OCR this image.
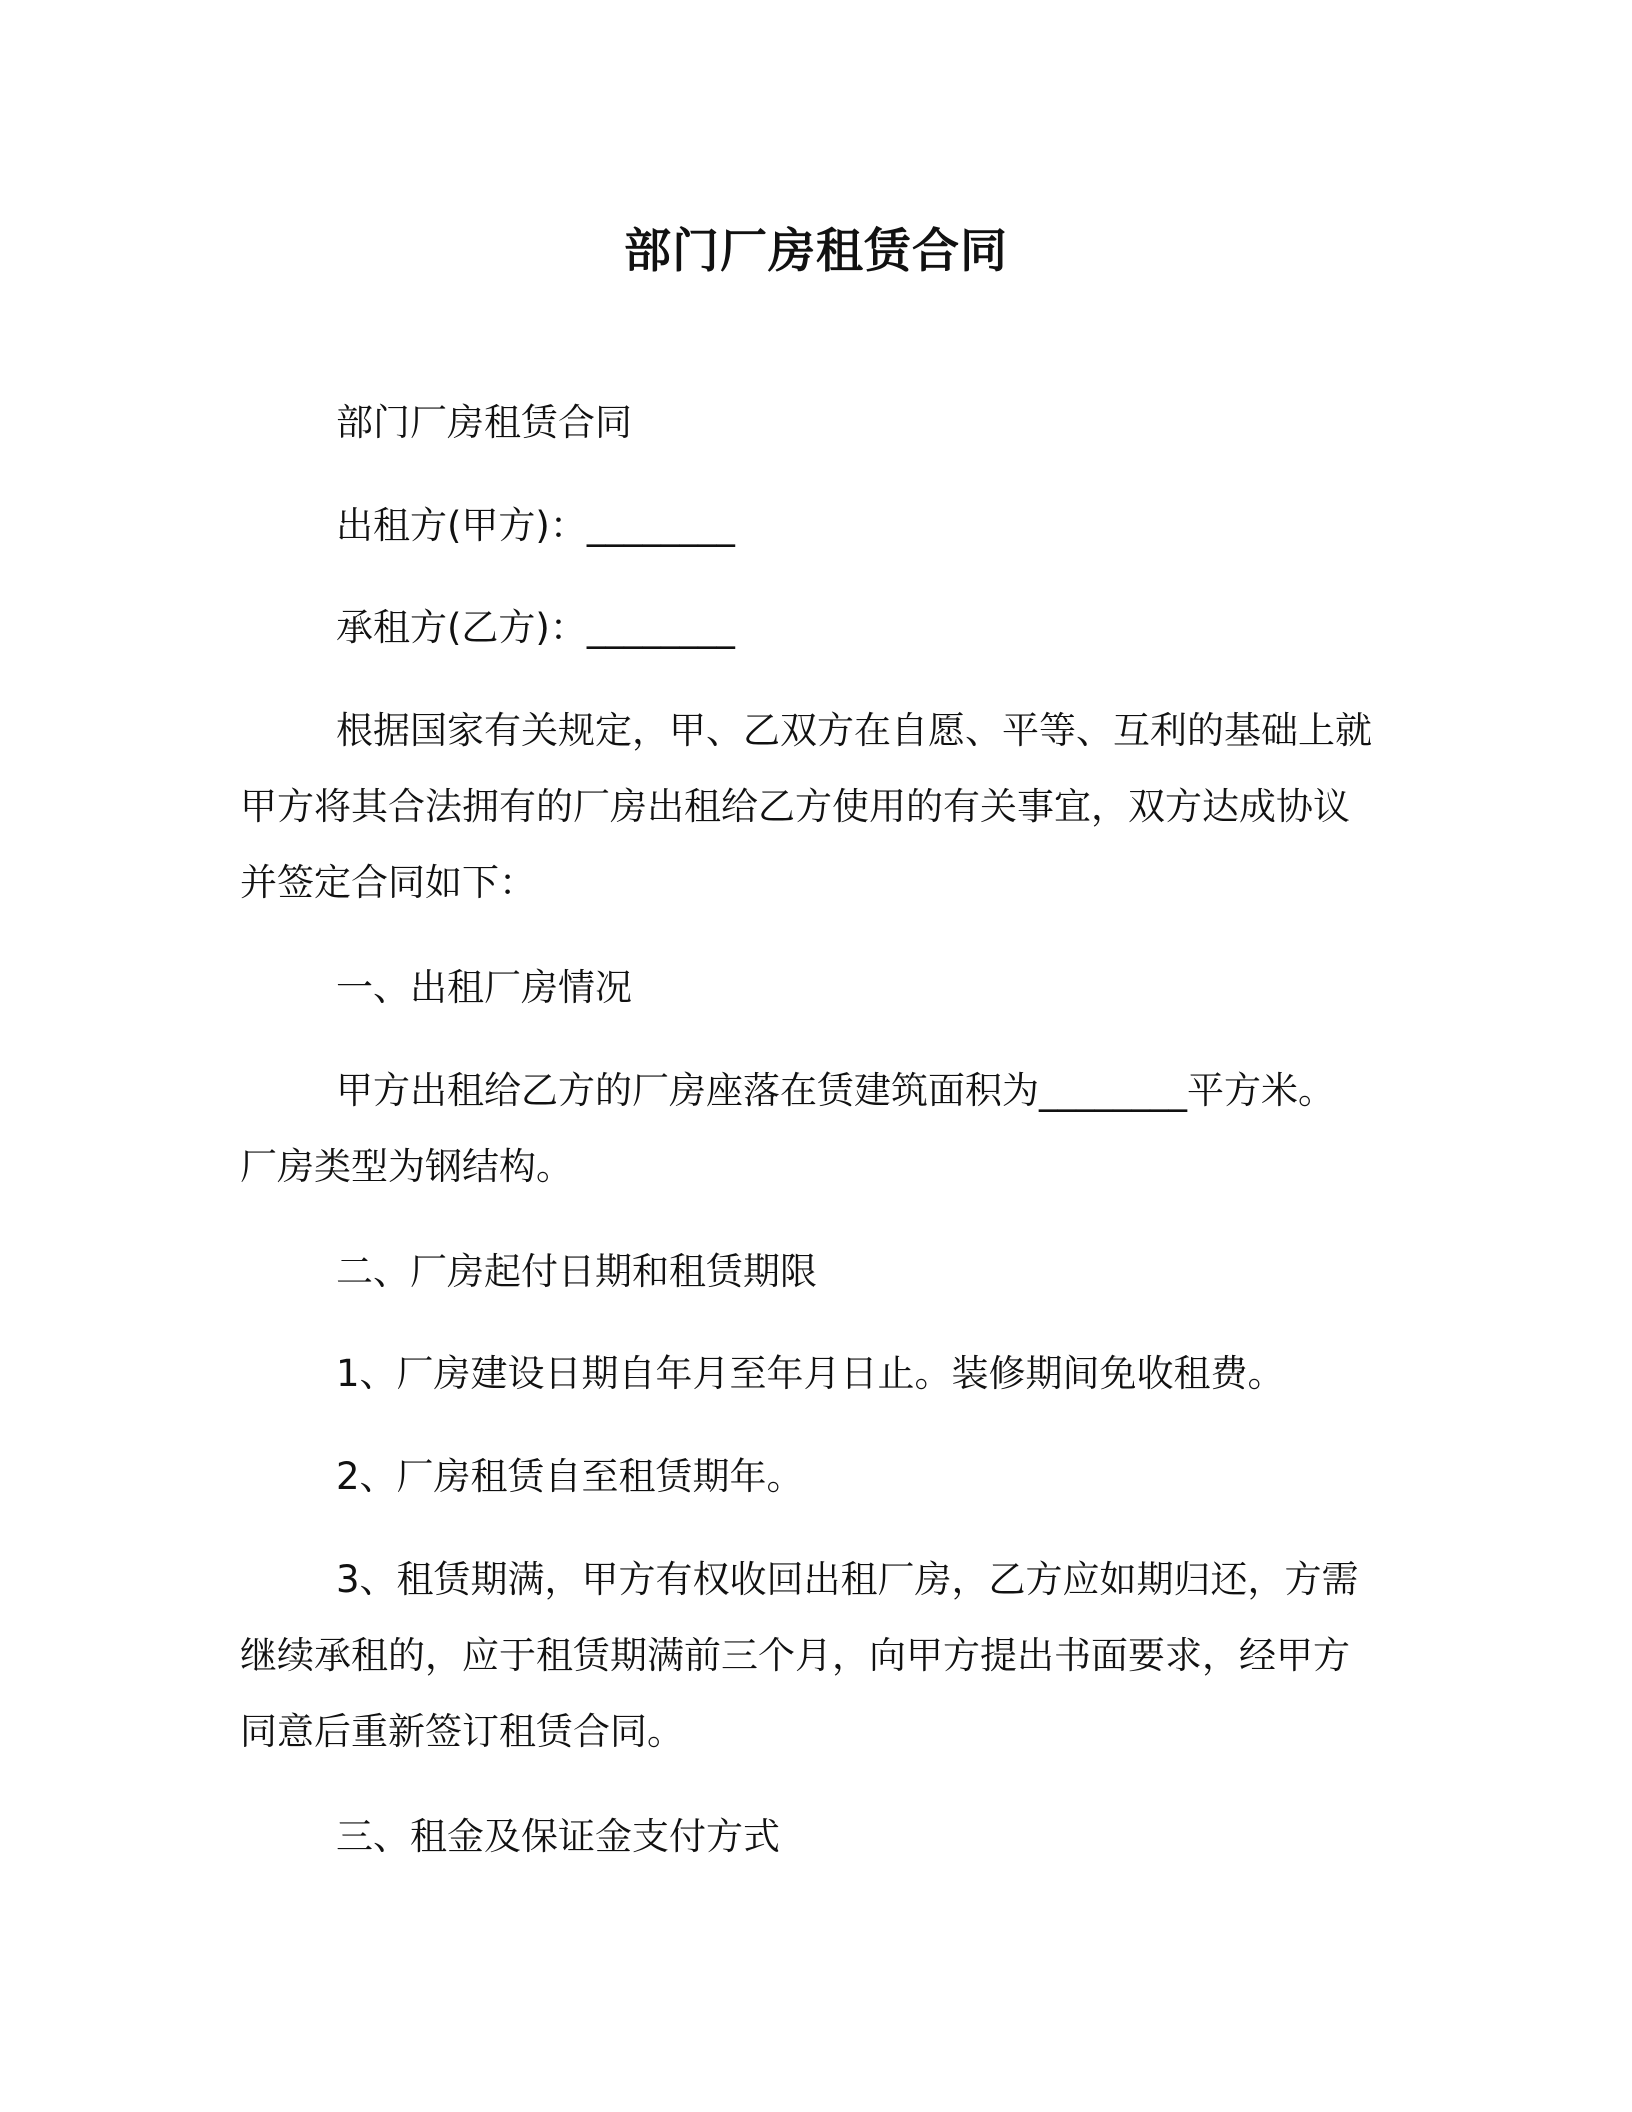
部门厂房租赁合同
部门厂房租赁合同
出租方(甲方)：________
承租方(乙方)：________
根据国家有关规定，甲、乙双方在自愿、平等、互利的基础上就
甲方将其合法拥有的厂房出租给乙方使用的有关事宜，双方达成协议
并签定合同如下：
一、出租厂房情况
甲方出租给乙方的厂房座落在赁建筑面积为________平方米。
厂房类型为钢结构。
二、厂房起付日期和租赁期限
1、厂房建设日期自年月至年月日止。装修期间免收租费。
2、厂房租赁自至租赁期年。
3、租赁期满，甲方有权收回出租厂房，乙方应如期归还，方需
继续承租的，应于租赁期满前三个月，向甲方提出书面要求，经甲方
同意后重新签订租赁合同。
三、租金及保证金支付方式
